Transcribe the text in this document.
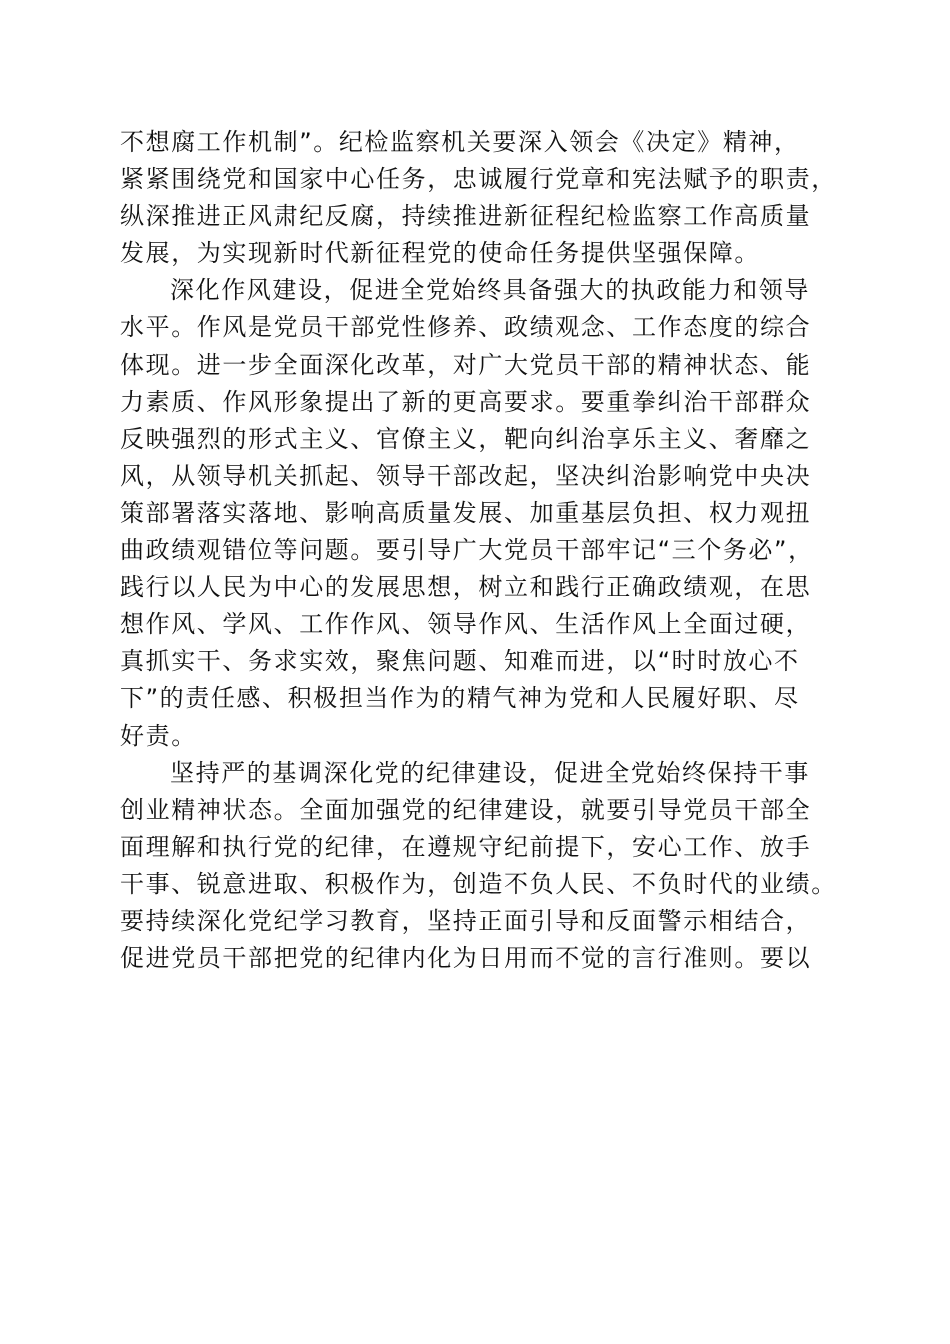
不想腐工作机制”。纪检监察机关要深入领会《决定》精神，
紧紧围绕党和国家中心任务，忠诚履行党章和宪法赋予的职责，
纵深推进正风肃纪反腐，持续推进新征程纪检监察工作高质量
发展，为实现新时代新征程党的使命任务提供坚强保障。
深化作风建设，促进全党始终具备强大的执政能力和领导
水平。作风是党员干部党性修养、政绩观念、工作态度的综合
体现。进一步全面深化改革，对广大党员干部的精神状态、能
力素质、作风形象提出了新的更高要求。要重拳纠治干部群众
反映强烈的形式主义、官僚主义，靶向纠治享乐主义、奢靡之
风，从领导机关抓起、领导干部改起，坚决纠治影响党中央决
策部署落实落地、影响高质量发展、加重基层负担、权力观扭
曲政绩观错位等问题。要引导广大党员干部牢记“三个务必”，
践行以人民为中心的发展思想，树立和践行正确政绩观，在思
想作风、学风、工作作风、领导作风、生活作风上全面过硬，
真抓实干、务求实效，聚焦问题、知难而进，以“时时放心不
下”的责任感、积极担当作为的精气神为党和人民履好职、尽
好责。
坚持严的基调深化党的纪律建设，促进全党始终保持干事
创业精神状态。全面加强党的纪律建设，就要引导党员干部全
面理解和执行党的纪律，在遵规守纪前提下，安心工作、放手
干事、锐意进取、积极作为，创造不负人民、不负时代的业绩。
要持续深化党纪学习教育，坚持正面引导和反面警示相结合，
促进党员干部把党的纪律内化为日用而不觉的言行准则。要以
